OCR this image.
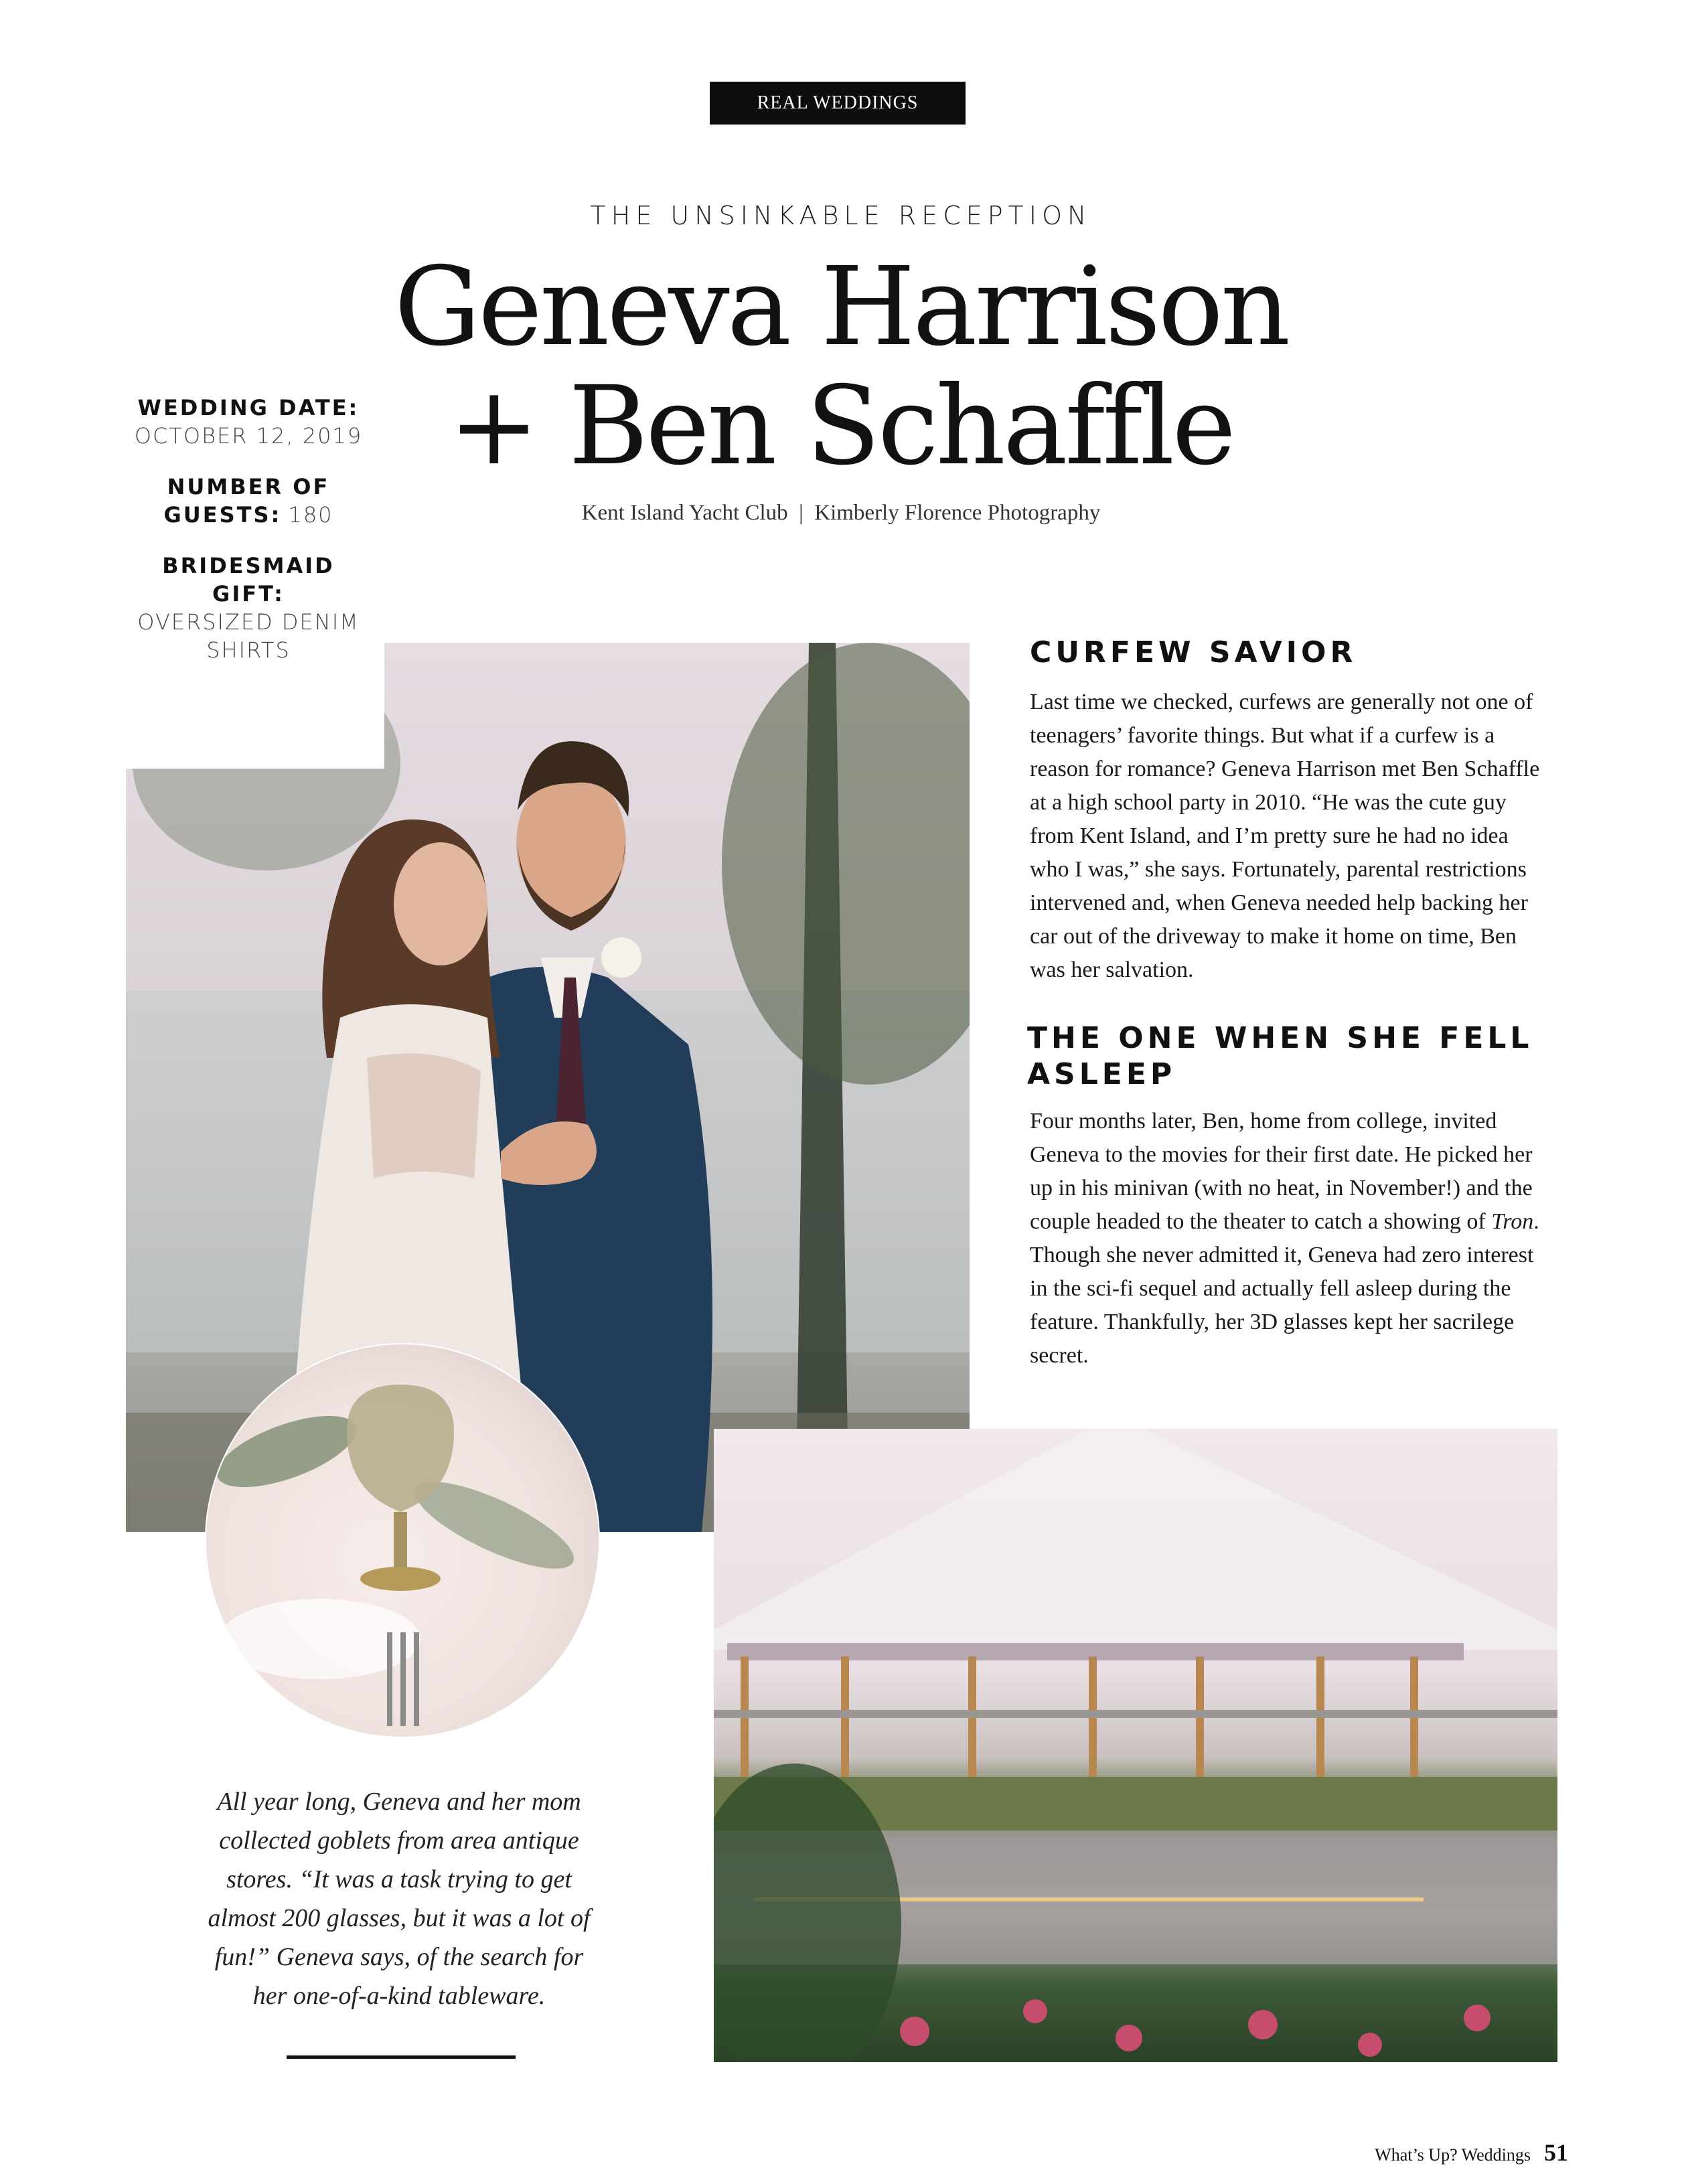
REAL WEDDINGS
THE UNSINKABLE RECEPTION
Geneva Harrison
+ Ben Schaffle
Kent Island Yacht Club | Kimberly Florence Photography
WEDDING DATE:
OCTOBER 12, 2019
NUMBER OF GUESTS: 180
BRIDESMAID GIFT:
OVERSIZED DENIM SHIRTS	CURFEW SAVIOR
Last time we checked, curfews are generally not one of teenagers’ favorite things. But what if a curfew is a reason for romance? Geneva Harrison met Ben Schaffle at a high school party in 2010. “He was the cute guy from Kent Island, and I’m pretty sure he had no idea who I was,” she says. Fortunately, parental restrictions intervened and, when Geneva needed help backing her car out of the driveway to make it home on time, Ben was her salvation.
THE ONE WHEN SHE FELL ASLEEP
Four months later, Ben, home from college, invited Geneva to the movies for their first date. He picked her up in his minivan (with no heat, in November!) and the couple headed to the theater to catch a showing of Tron. Though she never admitted it, Geneva had zero interest in the sci-fi sequel and actually fell asleep during the feature. Thankfully, her 3D glasses kept her sacrilege secret.
All year long, Geneva and her mom collected goblets from area antique stores. “It was a task trying to get almost 200 glasses, but it was a lot of fun!” Geneva says, of the search for her one-of-a-kind tableware.
What’s Up? Weddings 51
